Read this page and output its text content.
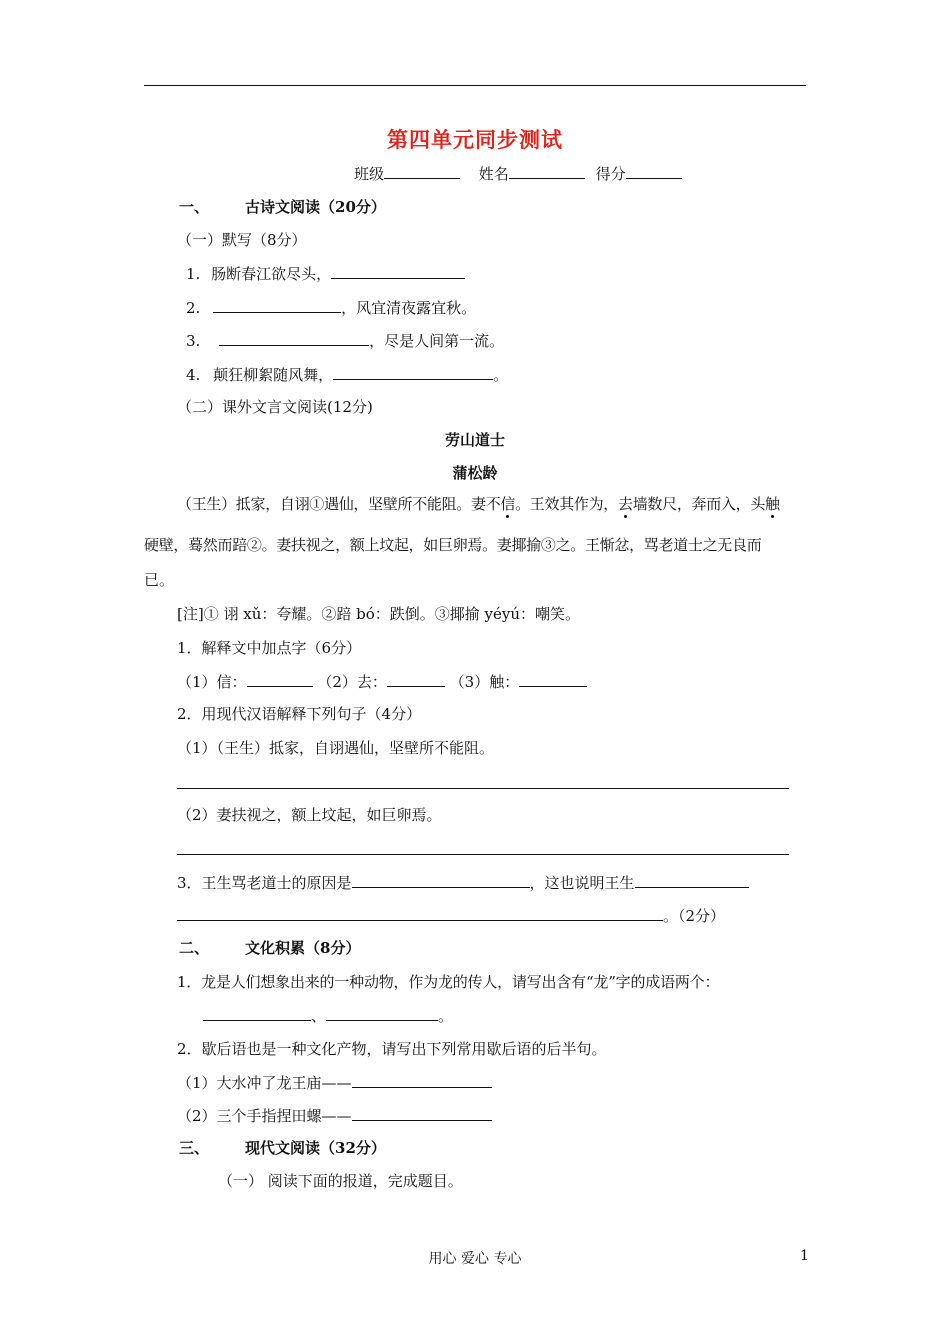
第四单元同步测试
班级	姓名	得分
一、 古诗文阅读（20分）
（一）默写（8分）
1. 肠断春江欲尽头，
2.	，风宜清夜露宜秋。
3.	，尽是人间第一流。
4. 颠狂柳絮随风舞，	。
（二）课外文言文阅读(12分)
劳山道士
蒲松龄
（王生）抵家，自诩①遇仙，坚壁所不能阻。妻不信。王效其作为，去墙数尺，奔而入，头触
硬壁，蓦然而踣②。妻扶视之，额上坟起，如巨卵焉。妻揶揄③之。王惭忿，骂老道士之无良而
已。
[注]① 诩 xǔ：夸耀。②踣 bó：跌倒。③揶揄 yéyú：嘲笑。
1．解释文中加点字（6分）
（1）信：	（2）去：	（3）触：
2．用现代汉语解释下列句子（4分）
（1）（王生）抵家，自诩遇仙，坚壁所不能阻。
（2）妻扶视之，额上坟起，如巨卵焉。
3．王生骂老道士的原因是	，这也说明王生
。（2分）
二、 文化积累（8分）
1．龙是人们想象出来的一种动物，作为龙的传人，请写出含有“龙”字的成语两个：
、	。
2．歇后语也是一种文化产物，请写出下列常用歇后语的后半句。
（1）大水冲了龙王庙——
（2）三个手指捏田螺——
三、 现代文阅读（32分）
（一） 阅读下面的报道，完成题目。
用心 爱心 专心	1
